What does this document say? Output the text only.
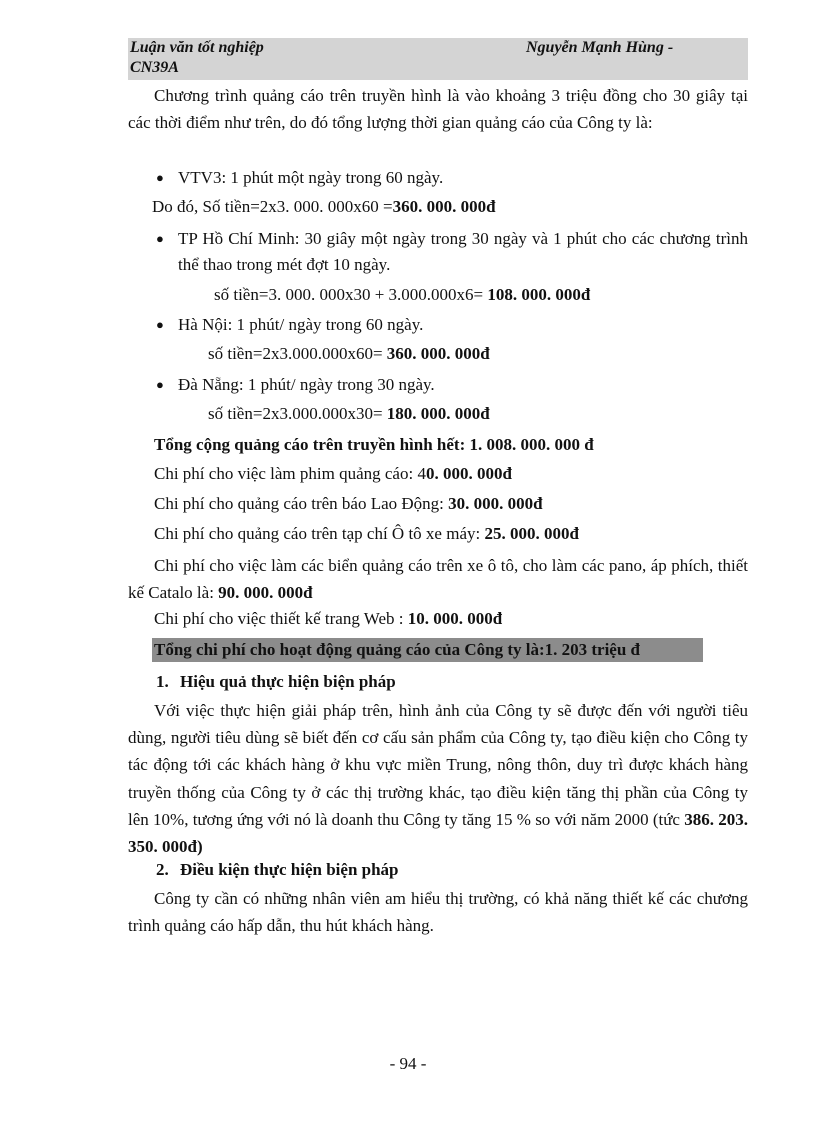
Luận văn tốt nghiệp	Nguyễn Mạnh Hùng -
CN39A
Chương trình quảng cáo trên truyền hình là vào khoảng 3 triệu đồng cho 30 giây tại các thời điểm như trên, do đó tổng lượng thời gian quảng cáo của Công ty là:
● VTV3: 1 phút một ngày trong 60 ngày.
Do đó, Số tiền=2x3. 000. 000x60 =360. 000. 000đ
● TP Hồ Chí Minh: 30 giây một ngày trong 30 ngày và 1 phút cho các chương trình thể thao trong mét đợt 10 ngày.
số tiền=3. 000. 000x30 + 3.000.000x6= 108. 000. 000đ
● Hà Nội: 1 phút/ ngày trong 60 ngày.
số tiền=2x3.000.000x60= 360. 000. 000đ
● Đà Nẵng: 1 phút/ ngày trong 30 ngày.
số tiền=2x3.000.000x30= 180. 000. 000đ
Tổng cộng quảng cáo trên truyền hình hết: 1. 008. 000. 000 đ
Chi phí cho việc làm phim quảng cáo: 40. 000. 000đ
Chi phí cho quảng cáo trên báo Lao Động: 30. 000. 000đ
Chi phí cho quảng cáo trên tạp chí Ô tô xe máy: 25. 000. 000đ
Chi phí cho việc làm các biển quảng cáo trên xe ô tô, cho làm các pano, áp phích, thiết kế Catalo là: 90. 000. 000đ
Chi phí cho việc thiết kế trang Web : 10. 000. 000đ
Tổng chi phí cho hoạt động quảng cáo của Công ty là:1. 203 triệu đ
1. Hiệu quả thực hiện biện pháp
Với việc thực hiện giải pháp trên, hình ảnh của Công ty sẽ được đến với người tiêu dùng, người tiêu dùng sẽ biết đến cơ cấu sản phẩm của Công ty, tạo điều kiện cho Công ty tác động tới các khách hàng ở khu vực miền Trung, nông thôn, duy trì được khách hàng truyền thống của Công ty ở các thị trường khác, tạo điều kiện tăng thị phần của Công ty lên 10%, tương ứng với nó là doanh thu Công ty tăng 15 % so với năm 2000 (tức 386. 203. 350. 000đ)
2. Điều kiện thực hiện biện pháp
Công ty cần có những nhân viên am hiểu thị trường, có khả năng thiết kế các chương trình quảng cáo hấp dẫn, thu hút khách hàng.
- 94 -
